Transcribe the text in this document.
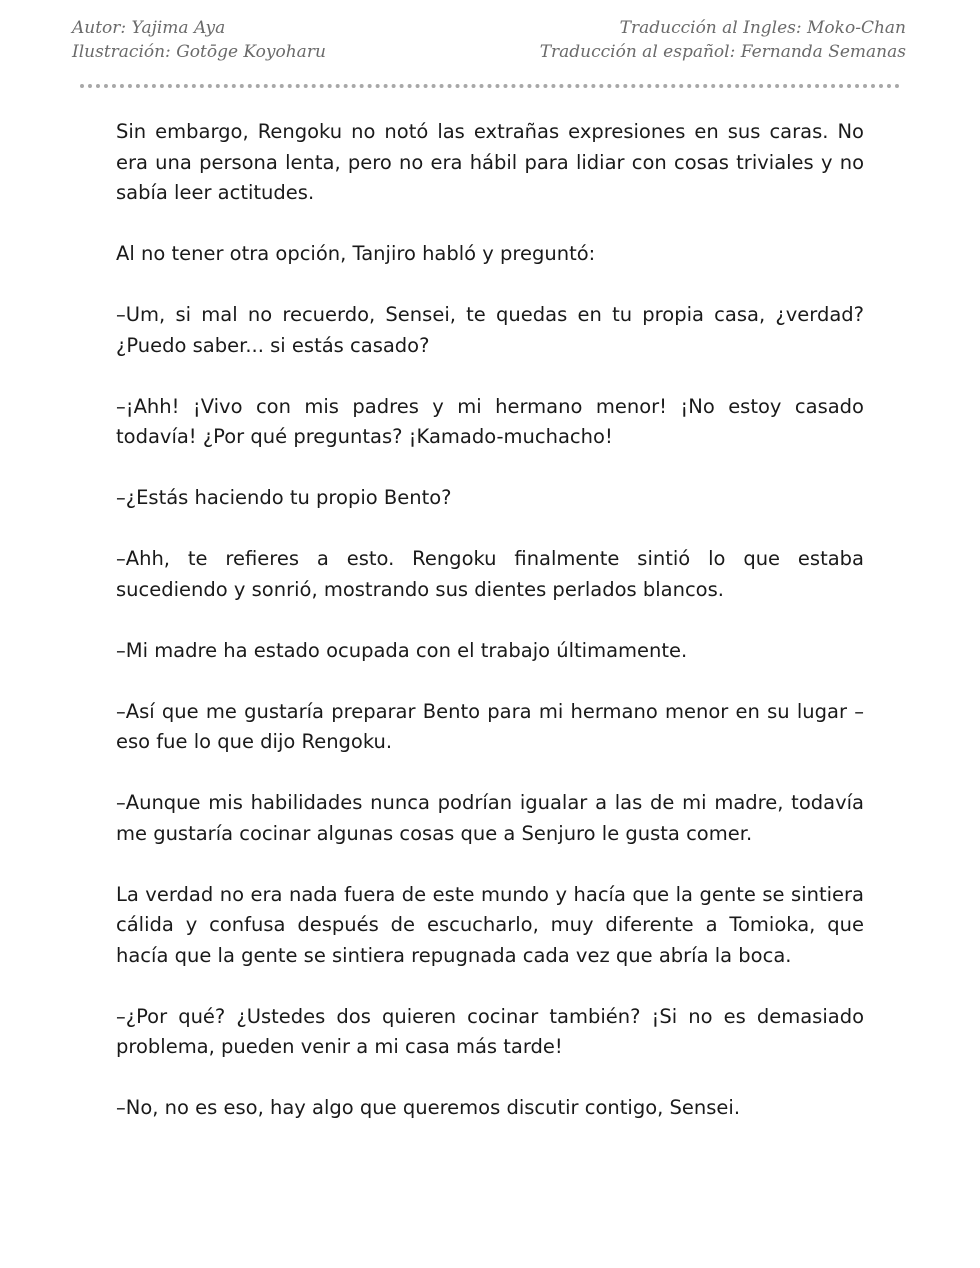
Autor: Yajima Aya
Ilustración: Gotōge Koyoharu
Traducción al Ingles: Moko-Chan
Traducción al español: Fernanda Semanas

Sin embargo, Rengoku no notó las extrañas expresiones en sus caras. No era una persona lenta, pero no era hábil para lidiar con cosas triviales y no sabía leer actitudes.

Al no tener otra opción, Tanjiro habló y preguntó:

–Um, si mal no recuerdo, Sensei, te quedas en tu propia casa, ¿verdad? ¿Puedo saber... si estás casado?

–¡Ahh! ¡Vivo con mis padres y mi hermano menor! ¡No estoy casado todavía! ¿Por qué preguntas? ¡Kamado-muchacho!

–¿Estás haciendo tu propio Bento?

–Ahh, te refieres a esto. Rengoku finalmente sintió lo que estaba sucediendo y sonrió, mostrando sus dientes perlados blancos.

–Mi madre ha estado ocupada con el trabajo últimamente.

–Así que me gustaría preparar Bento para mi hermano menor en su lugar –eso fue lo que dijo Rengoku.

–Aunque mis habilidades nunca podrían igualar a las de mi madre, todavía me gustaría cocinar algunas cosas que a Senjuro le gusta comer.

La verdad no era nada fuera de este mundo y hacía que la gente se sintiera cálida y confusa después de escucharlo, muy diferente a Tomioka, que hacía que la gente se sintiera repugnada cada vez que abría la boca.

–¿Por qué? ¿Ustedes dos quieren cocinar también? ¡Si no es demasiado problema, pueden venir a mi casa más tarde!

–No, no es eso, hay algo que queremos discutir contigo, Sensei.
